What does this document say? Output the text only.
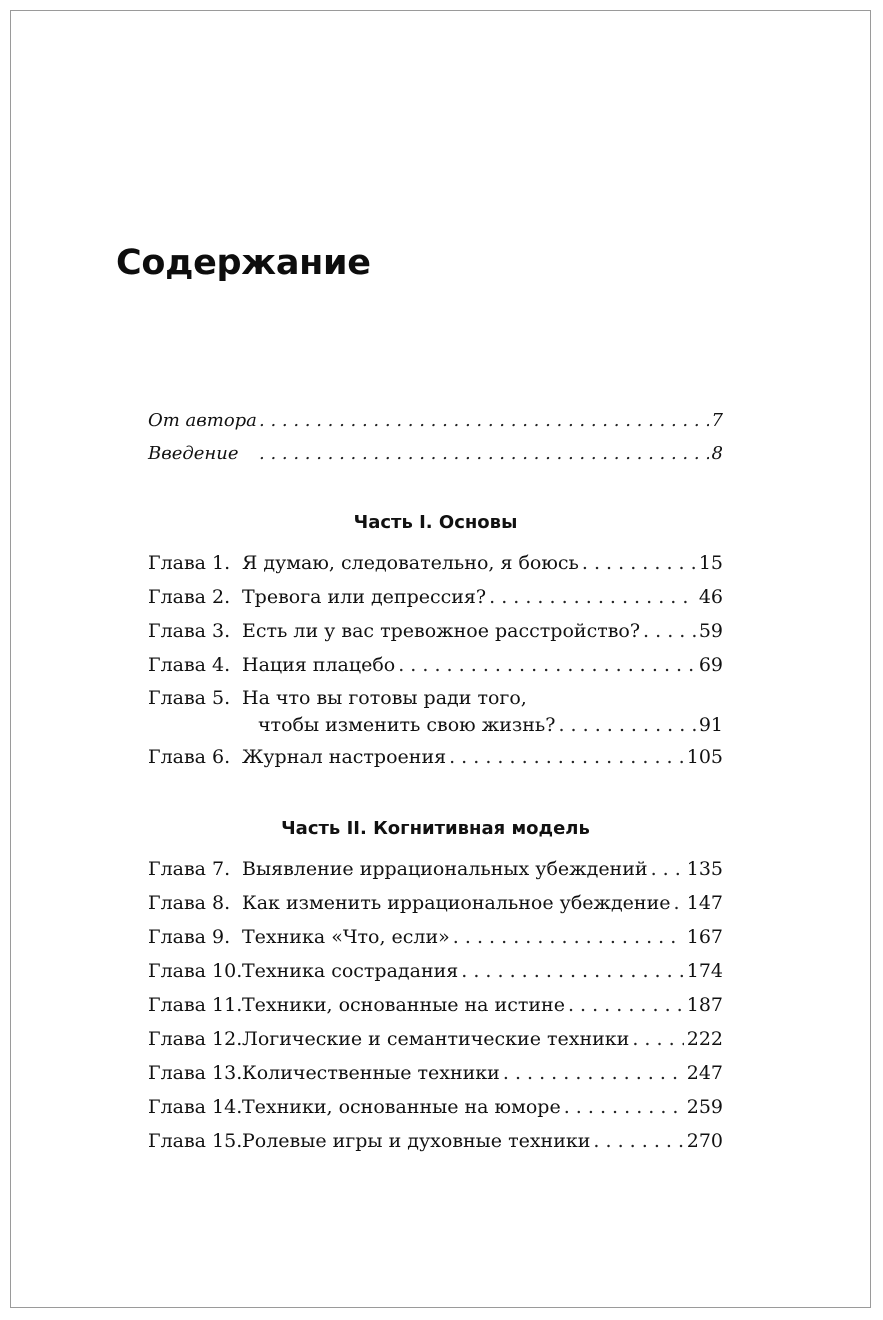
Содержание
От автора . . .	7
Введение . . .	8
Часть I. Основы
Глава 1. Я думаю, следовательно, я боюсь . . .	15
Глава 2. Тревога или депрессия? . . .	46
Глава 3. Есть ли у вас тревожное расстройство? . . .	59
Глава 4. Нация плацебо . . .	69
Глава 5. На что вы готовы ради того,
чтобы изменить свою жизнь? . . .	91
Глава 6. Журнал настроения . . .	105
Часть II. Когнитивная модель
Глава 7. Выявление иррациональных убеждений . . . 135
Глава 8. Как изменить иррациональное убеждение . . . 147
Глава 9. Техника «Что, если» . . .	167
Глава 10. Техника сострадания . . .	174
Глава 11. Техники, основанные на истине . . .	187
Глава 12. Логические и семантические техники . . .	222
Глава 13. Количественные техники . . .	247
Глава 14. Техники, основанные на юморе . . .	259
Глава 15. Ролевые игры и духовные техники . . .	270
